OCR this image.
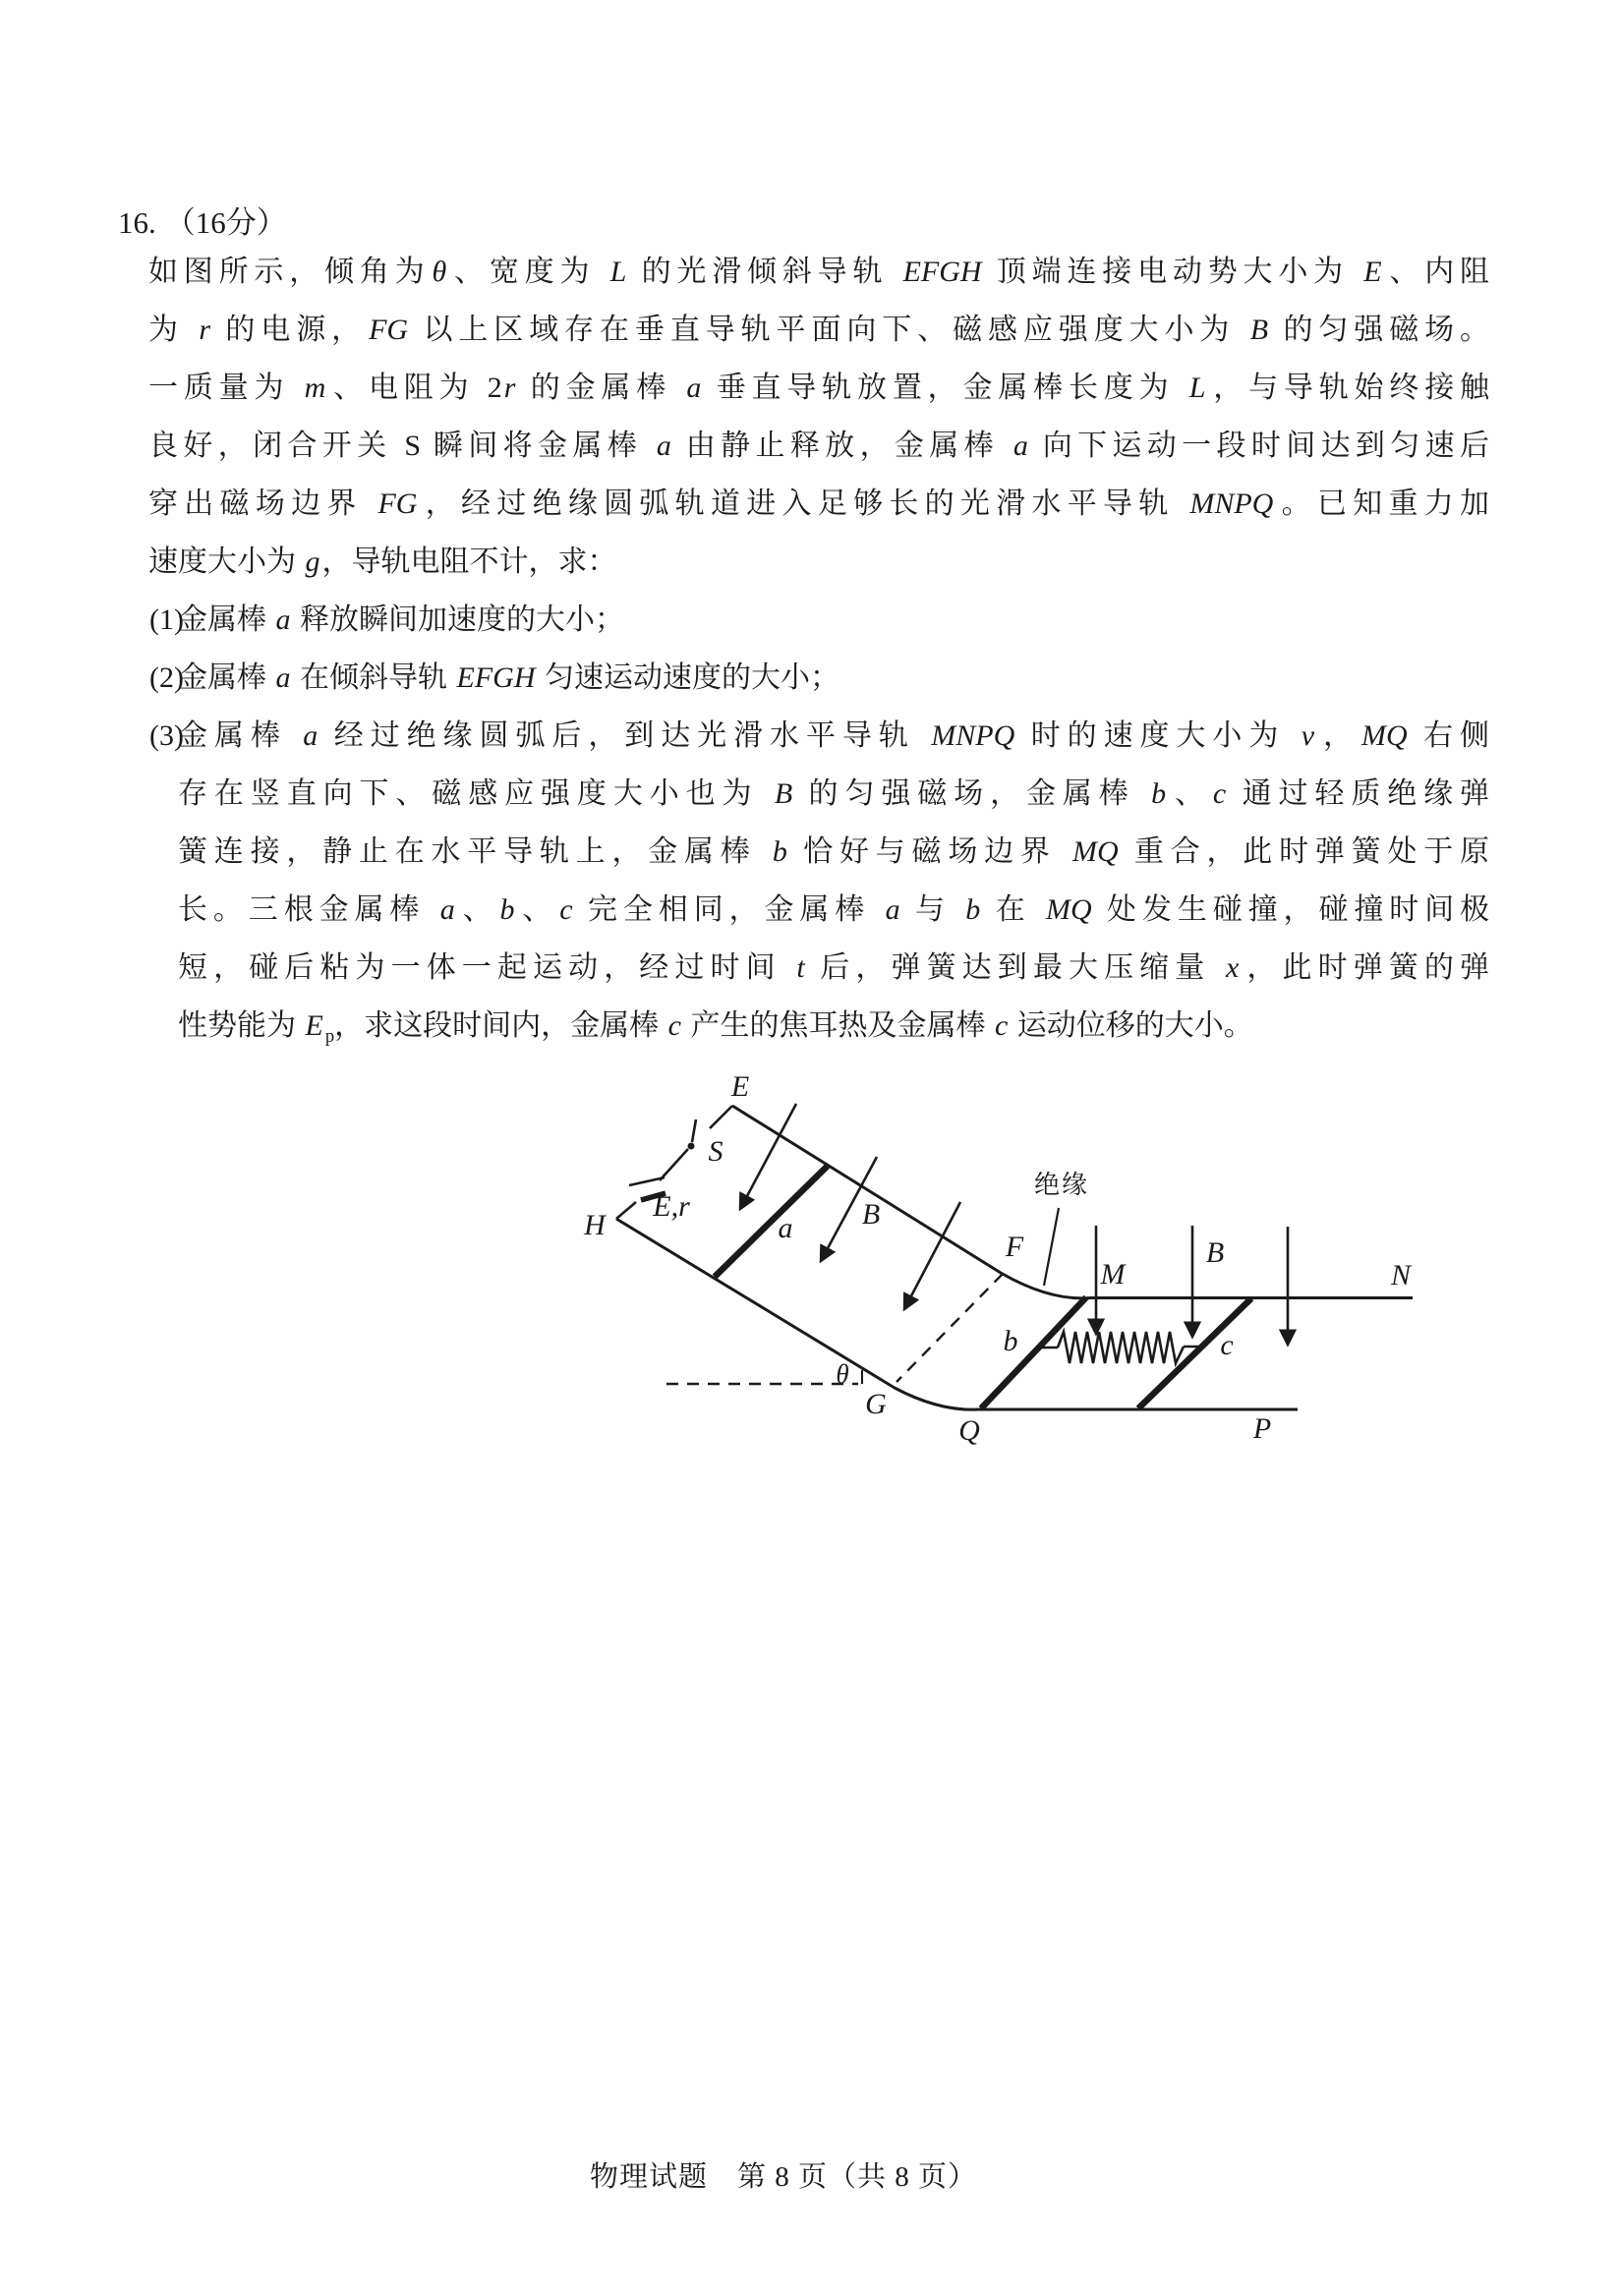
16. （16分）
如图所示，倾角为θ、宽度为 L 的光滑倾斜导轨 EFGH 顶端连接电动势大小为 E、内阻
为 r 的电源，FG 以上区域存在垂直导轨平面向下、磁感应强度大小为 B 的匀强磁场。
一质量为 m、电阻为 2r 的金属棒 a 垂直导轨放置，金属棒长度为 L，与导轨始终接触
良好，闭合开关 S 瞬间将金属棒 a 由静止释放，金属棒 a 向下运动一段时间达到匀速后
穿出磁场边界 FG，经过绝缘圆弧轨道进入足够长的光滑水平导轨 MNPQ。已知重力加
速度大小为 g，导轨电阻不计，求：
(1)
金属棒 a 释放瞬间加速度的大小；
(2)
金属棒 a 在倾斜导轨 EFGH 匀速运动速度的大小；
(3)
金属棒 a 经过绝缘圆弧后，到达光滑水平导轨 MNPQ 时的速度大小为 v，MQ 右侧
存在竖直向下、磁感应强度大小也为 B 的匀强磁场，金属棒 b、c 通过轻质绝缘弹
簧连接，静止在水平导轨上，金属棒 b 恰好与磁场边界 MQ 重合，此时弹簧处于原
长。三根金属棒 a、b、c 完全相同，金属棒 a 与 b 在 MQ 处发生碰撞，碰撞时间极
短，碰后粘为一体一起运动，经过时间 t 后，弹簧达到最大压缩量 x，此时弹簧的弹
性势能为 E $_p$，求这段时间内，金属棒 c 产生的焦耳热及金属棒 c 运动位移的大小。
E
S
E,r
H	a B
F
θ
G
Q
M
B
N
b	c
P
绝缘
物理试题　第 8 页（共 8 页）
